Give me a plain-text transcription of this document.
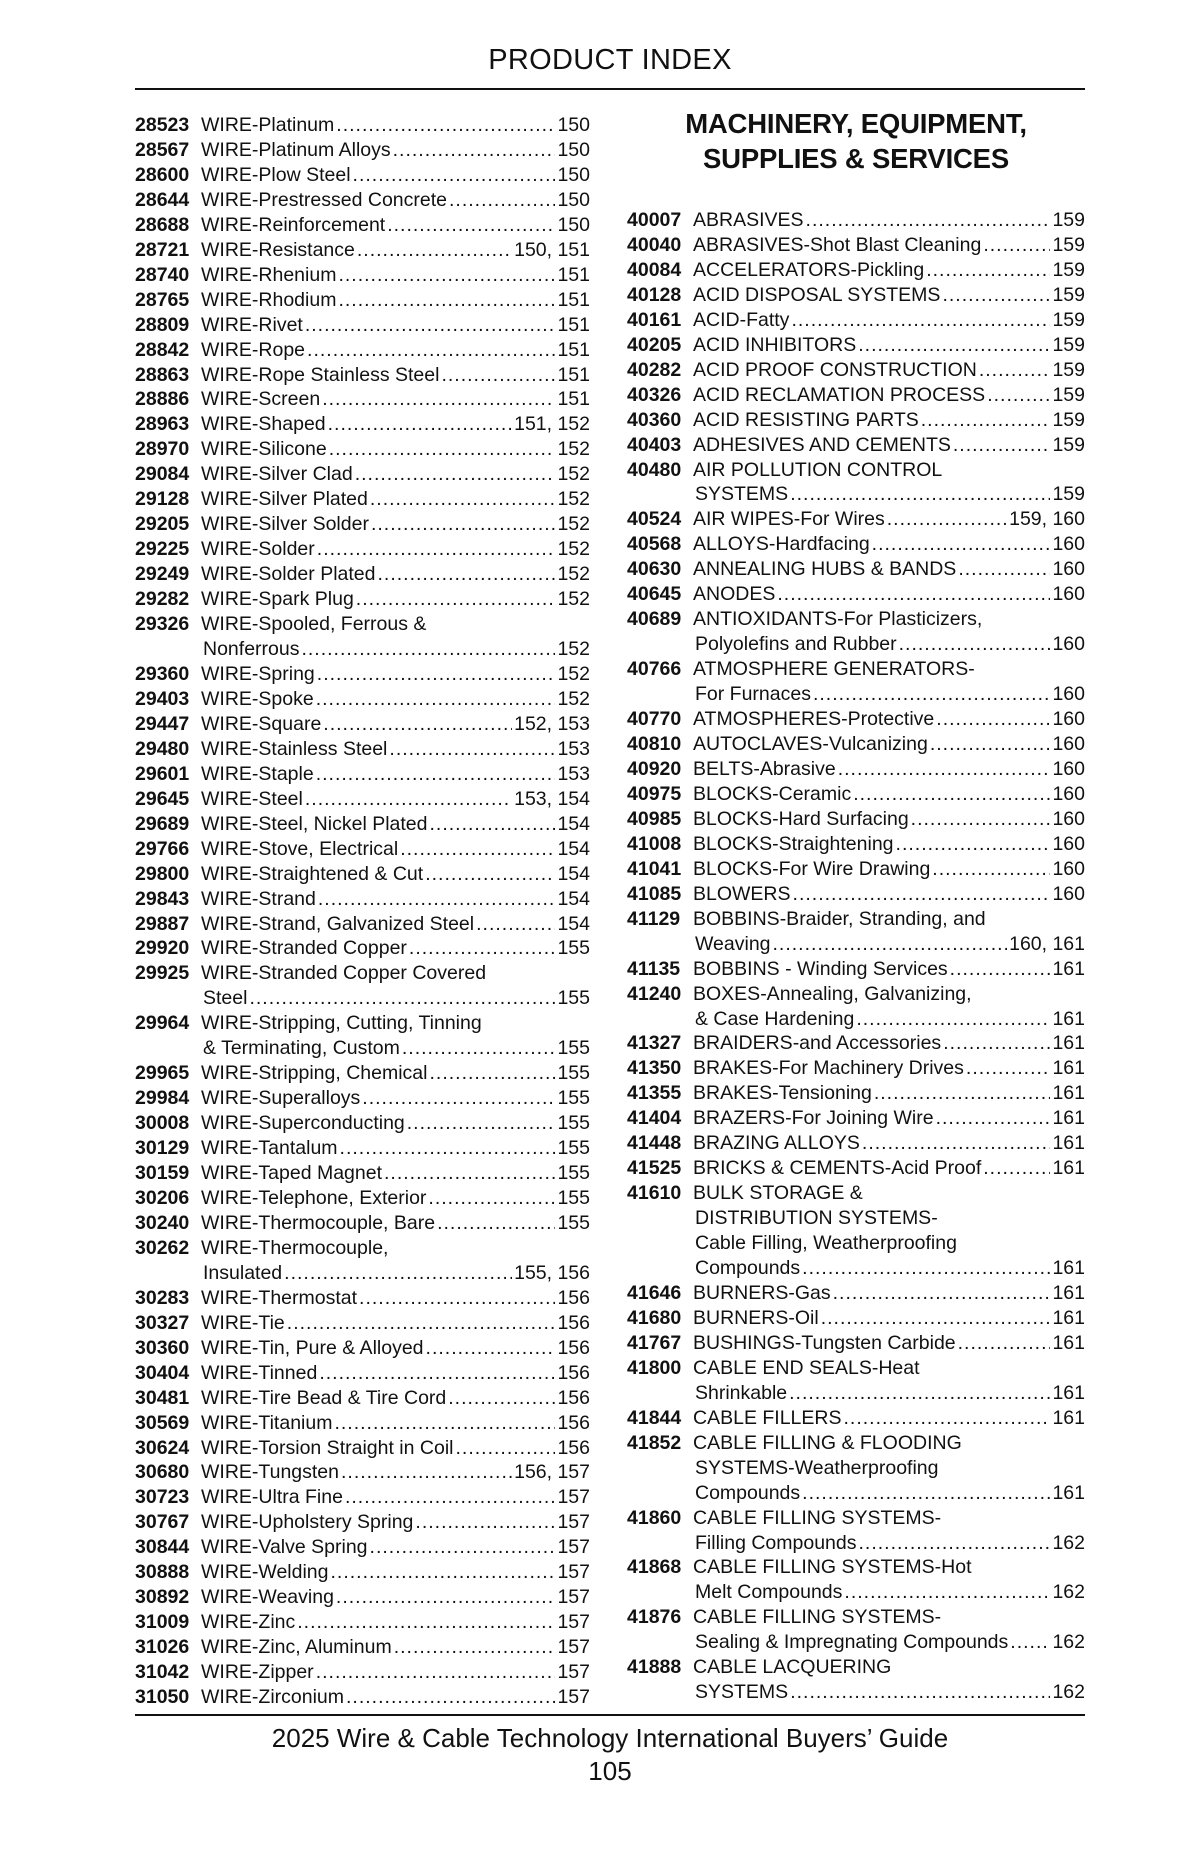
PRODUCT INDEX
28523 WIRE-Platinum .....	150
28567 WIRE-Platinum Alloys .....	150
28600 WIRE-Plow Steel .....	150
28644 WIRE-Prestressed Concrete .....	150
28688 WIRE-Reinforcement .....	150
28721 WIRE-Resistance .....	150, 151
28740 WIRE-Rhenium .....	151
28765 WIRE-Rhodium .....	151
28809 WIRE-Rivet .....	151
28842 WIRE-Rope .....	151
28863 WIRE-Rope Stainless Steel .....	151
28886 WIRE-Screen .....	151
28963 WIRE-Shaped .....	151, 152
28970 WIRE-Silicone .....	152
29084 WIRE-Silver Clad .....	152
29128 WIRE-Silver Plated .....	152
29205 WIRE-Silver Solder .....	152
29225 WIRE-Solder .....	152
29249 WIRE-Solder Plated .....	152
29282 WIRE-Spark Plug .....	152
29326 WIRE-Spooled, Ferrous &
Nonferrous .....	152
29360 WIRE-Spring .....	152
29403 WIRE-Spoke .....	152
29447 WIRE-Square .....	152, 153
29480 WIRE-Stainless Steel .....	153
29601 WIRE-Staple .....	153
29645 WIRE-Steel .....	153, 154
29689 WIRE-Steel, Nickel Plated .....	154
29766 WIRE-Stove, Electrical .....	154
29800 WIRE-Straightened & Cut .....	154
29843 WIRE-Strand .....	154
29887 WIRE-Strand, Galvanized Steel .....	154
29920 WIRE-Stranded Copper .....	155
29925 WIRE-Stranded Copper Covered
Steel .....	155
29964 WIRE-Stripping, Cutting, Tinning
& Terminating, Custom .....	155
29965 WIRE-Stripping, Chemical .....	155
29984 WIRE-Superalloys .....	155
30008 WIRE-Superconducting .....	155
30129 WIRE-Tantalum .....	155
30159 WIRE-Taped Magnet .....	155
30206 WIRE-Telephone, Exterior .....	155
30240 WIRE-Thermocouple, Bare .....	155
30262 WIRE-Thermocouple,
Insulated .....	155, 156
30283 WIRE-Thermostat .....	156
30327 WIRE-Tie .....	156
30360 WIRE-Tin, Pure & Alloyed .....	156
30404 WIRE-Tinned .....	156
30481 WIRE-Tire Bead & Tire Cord .....	156
30569 WIRE-Titanium .....	156
30624 WIRE-Torsion Straight in Coil .....	156
30680 WIRE-Tungsten .....	156, 157
30723 WIRE-Ultra Fine .....	157
30767 WIRE-Upholstery Spring .....	157
30844 WIRE-Valve Spring .....	157
30888 WIRE-Welding .....	157
30892 WIRE-Weaving .....	157
31009 WIRE-Zinc .....	157
31026 WIRE-Zinc, Aluminum .....	157
31042 WIRE-Zipper .....	157
31050 WIRE-Zirconium .....	157
MACHINERY, EQUIPMENT,
SUPPLIES & SERVICES
40007 ABRASIVES .....	159
40040 ABRASIVES-Shot Blast Cleaning .....	159
40084 ACCELERATORS-Pickling .....	159
40128 ACID DISPOSAL SYSTEMS .....	159
40161 ACID-Fatty .....	159
40205 ACID INHIBITORS .....	159
40282 ACID PROOF CONSTRUCTION .....	159
40326 ACID RECLAMATION PROCESS .....	159
40360 ACID RESISTING PARTS .....	159
40403 ADHESIVES AND CEMENTS .....	159
40480 AIR POLLUTION CONTROL
SYSTEMS .....	159
40524 AIR WIPES-For Wires .....	159, 160
40568 ALLOYS-Hardfacing .....	160
40630 ANNEALING HUBS & BANDS .....	160
40645 ANODES .....	160
40689 ANTIOXIDANTS-For Plasticizers,
Polyolefins and Rubber .....	160
40766 ATMOSPHERE GENERATORS-
For Furnaces .....	160
40770 ATMOSPHERES-Protective .....	160
40810 AUTOCLAVES-Vulcanizing .....	160
40920 BELTS-Abrasive .....	160
40975 BLOCKS-Ceramic .....	160
40985 BLOCKS-Hard Surfacing .....	160
41008 BLOCKS-Straightening .....	160
41041 BLOCKS-For Wire Drawing .....	160
41085 BLOWERS .....	160
41129 BOBBINS-Braider, Stranding, and
Weaving .....	160, 161
41135 BOBBINS - Winding Services .....	161
41240 BOXES-Annealing, Galvanizing,
& Case Hardening .....	161
41327 BRAIDERS-and Accessories .....	161
41350 BRAKES-For Machinery Drives .....	161
41355 BRAKES-Tensioning .....	161
41404 BRAZERS-For Joining Wire .....	161
41448 BRAZING ALLOYS .....	161
41525 BRICKS & CEMENTS-Acid Proof .....	161
41610 BULK STORAGE &
DISTRIBUTION SYSTEMS-
Cable Filling, Weatherproofing
Compounds .....	161
41646 BURNERS-Gas .....	161
41680 BURNERS-Oil .....	161
41767 BUSHINGS-Tungsten Carbide .....	161
41800 CABLE END SEALS-Heat
Shrinkable .....	161
41844 CABLE FILLERS .....	161
41852 CABLE FILLING & FLOODING
SYSTEMS-Weatherproofing
Compounds .....	161
41860 CABLE FILLING SYSTEMS-
Filling Compounds .....	162
41868 CABLE FILLING SYSTEMS-Hot
Melt Compounds .....	162
41876 CABLE FILLING SYSTEMS-
Sealing & Impregnating Compounds ..... 162
41888 CABLE LACQUERING
SYSTEMS .....	162
2025 Wire & Cable Technology International Buyers’ Guide
105
